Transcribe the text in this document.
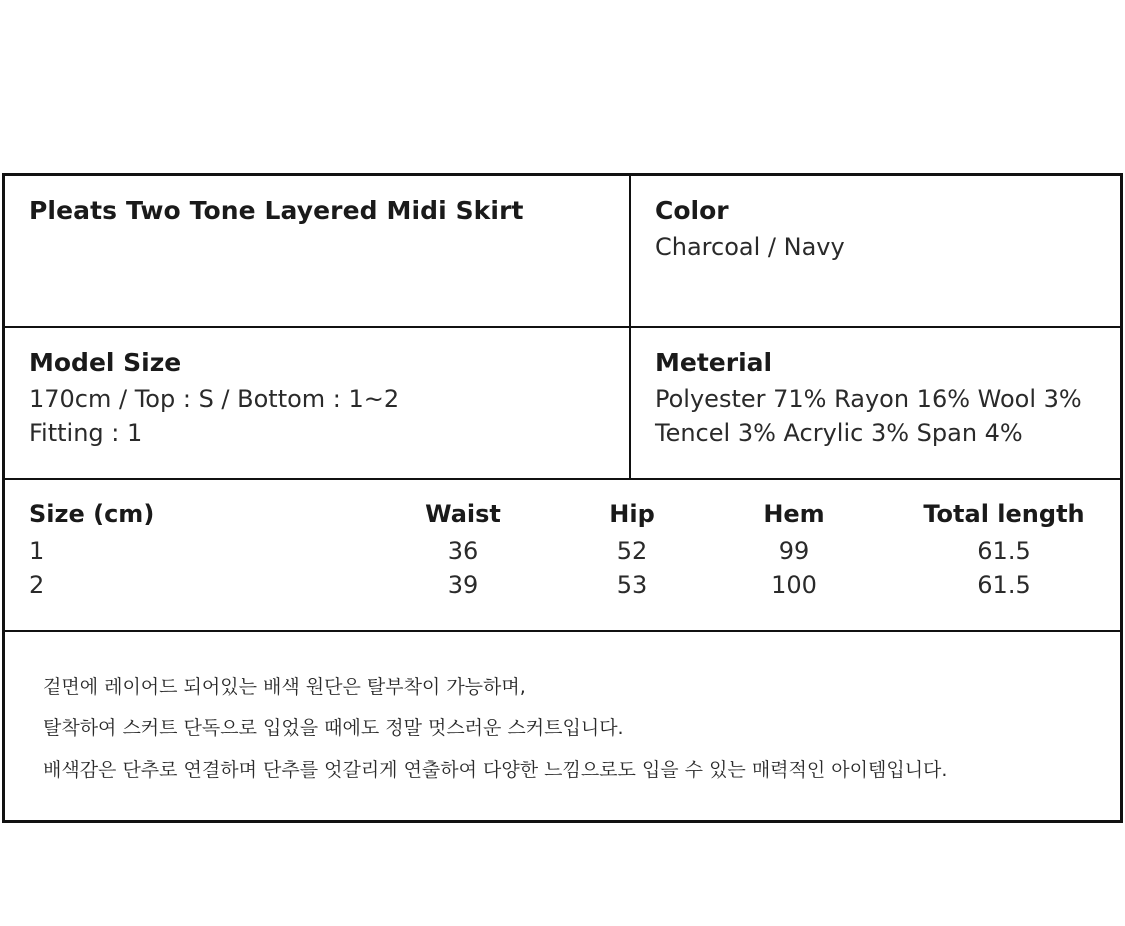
Pleats Two Tone Layered Midi Skirt	Color
Charcoal / Navy
Model Size
170cm / Top : S / Bottom : 1~2
Fitting : 1
Meterial
Polyester 71% Rayon 16% Wool 3%
Tencel 3% Acrylic 3% Span 4%
Size (cm)	Waist	Hip	Hem	Total length
1	36	52	99	61.5
2	39	53	100	61.5
겉면에 레이어드 되어있는 배색 원단은 탈부착이 가능하며,
탈착하여 스커트 단독으로 입었을 때에도 정말 멋스러운 스커트입니다.
배색감은 단추로 연결하며 단추를 엇갈리게 연출하여 다양한 느낌으로도 입을 수 있는 매력적인 아이템입니다.
